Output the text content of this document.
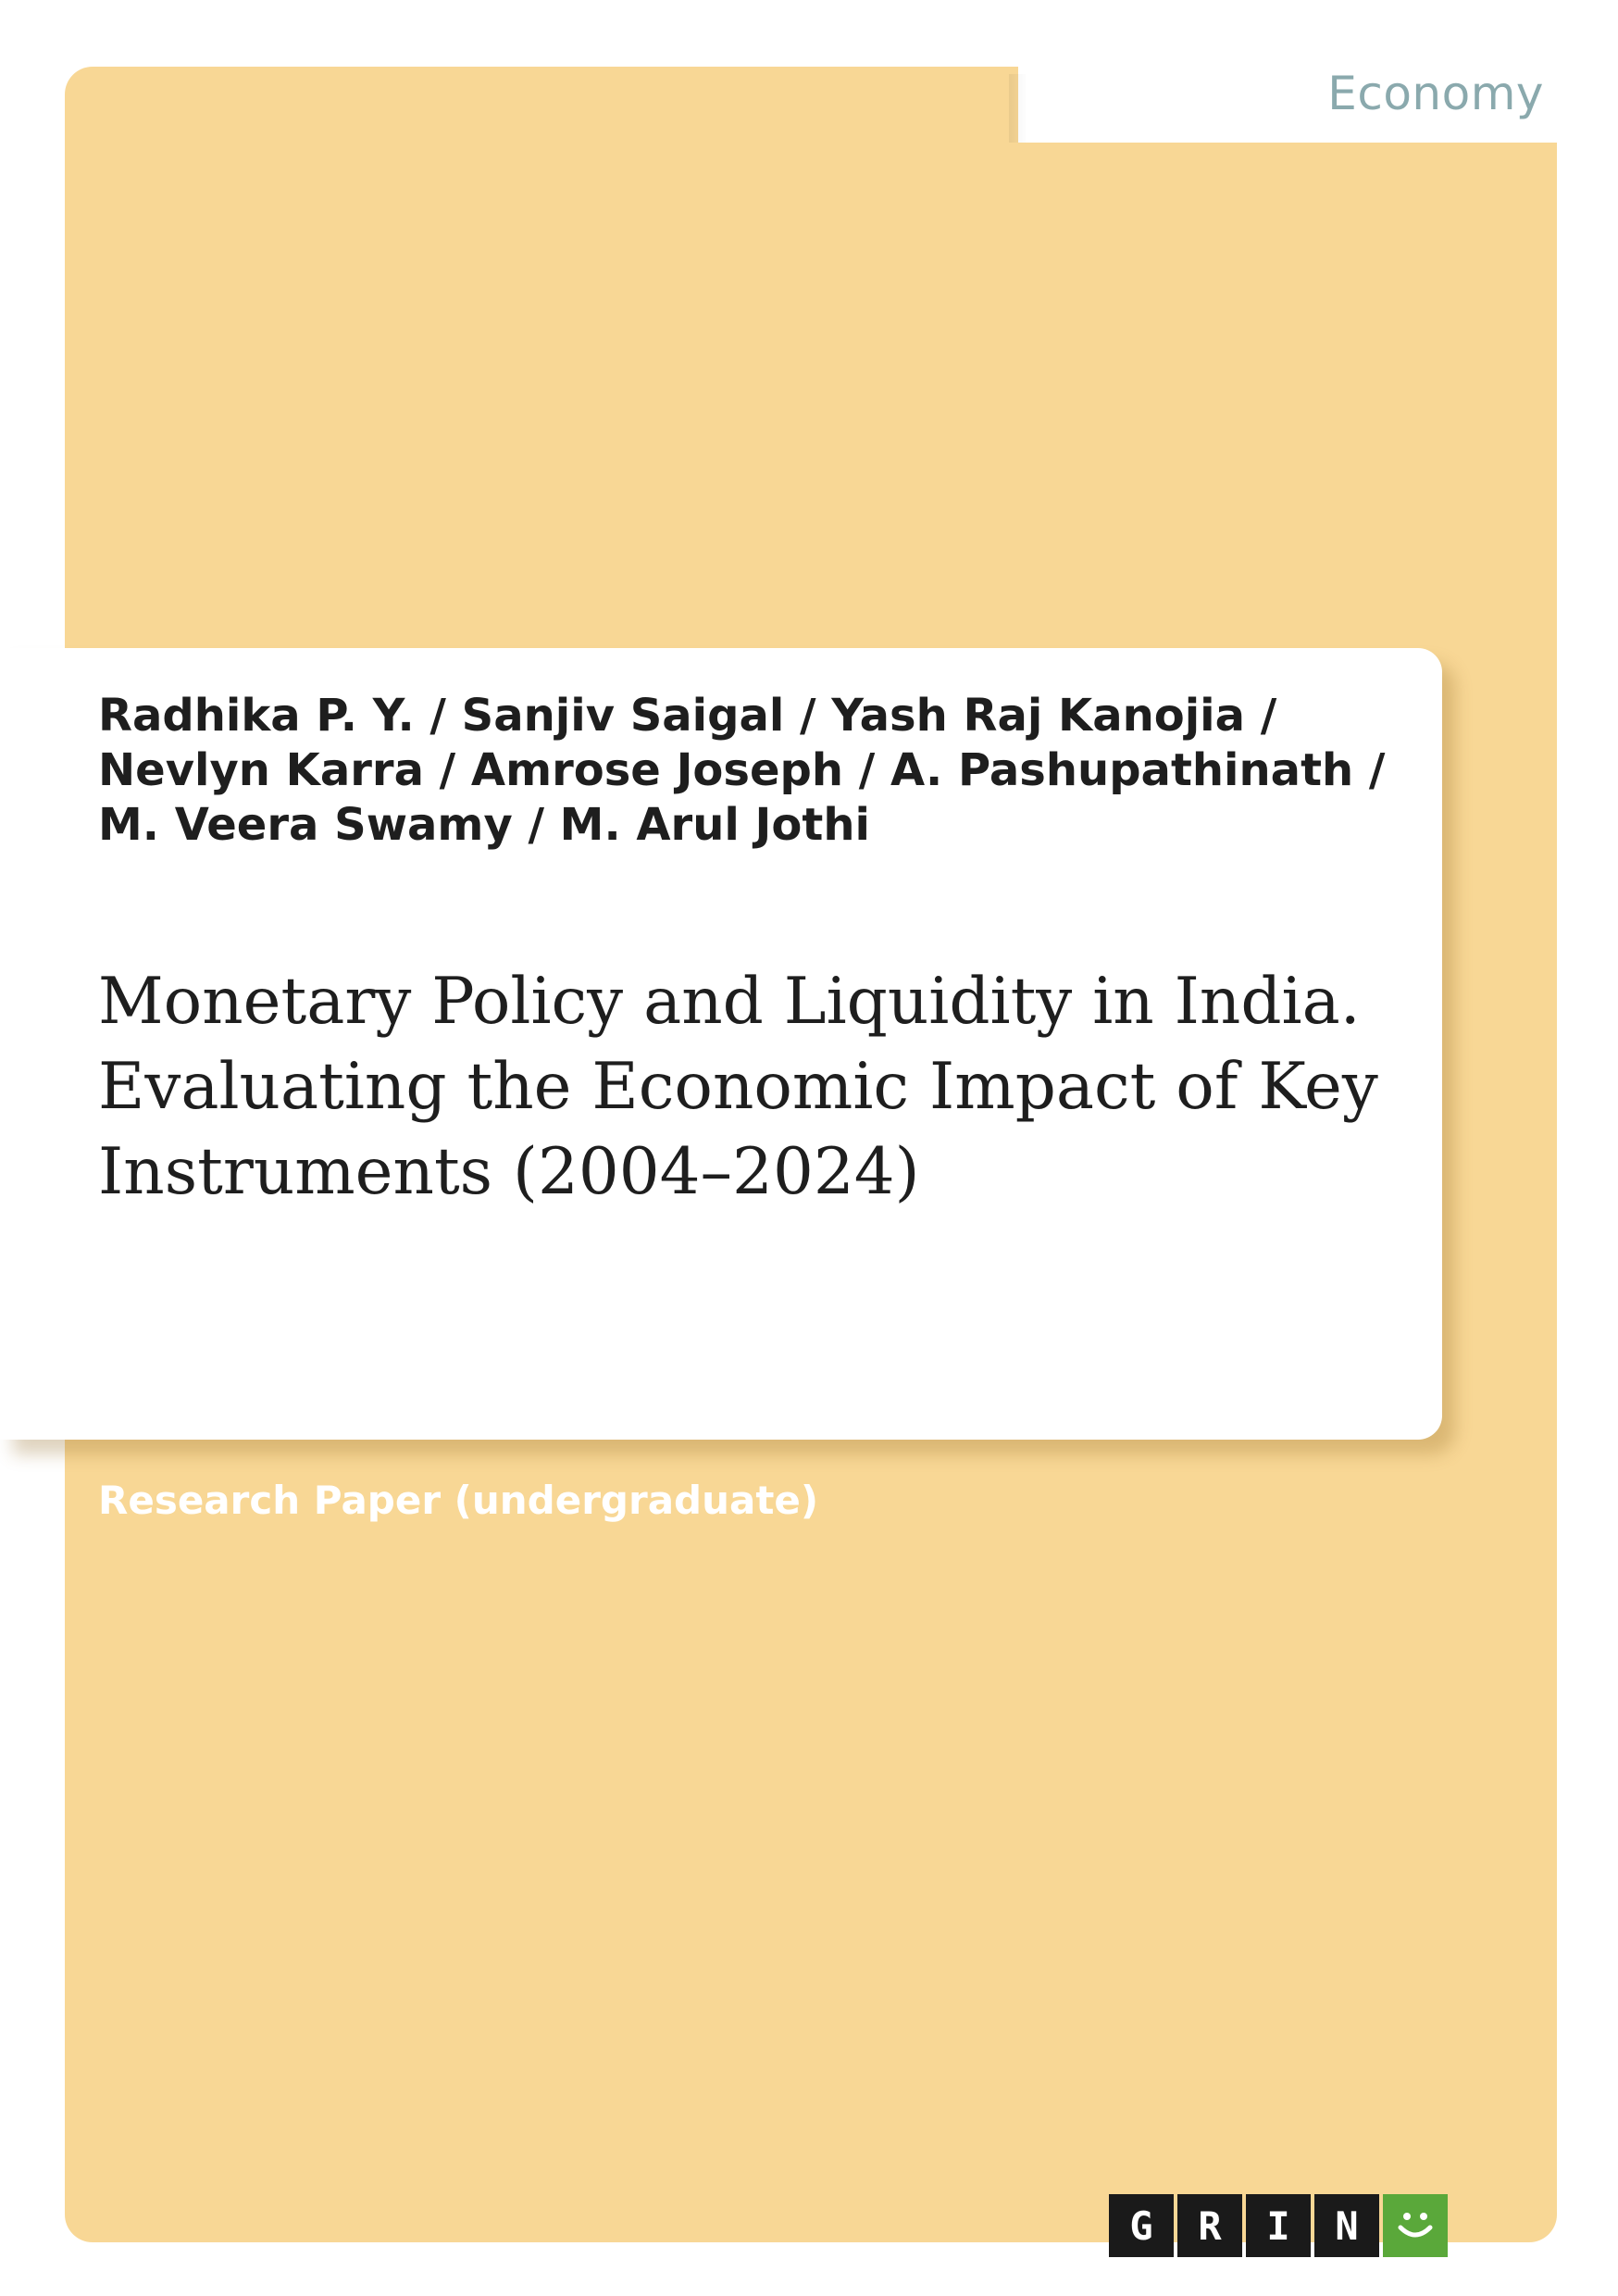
Economy
Radhika P. Y. / Sanjiv Saigal / Yash Raj Kanojia / Nevlyn Karra / Amrose Joseph / A. Pashupathinath / M. Veera Swamy / M. Arul Jothi
Monetary Policy and Liquidity in India. Evaluating the Economic Impact of Key Instruments (2004–2024)
Research Paper (undergraduate)
G	R	I	N
